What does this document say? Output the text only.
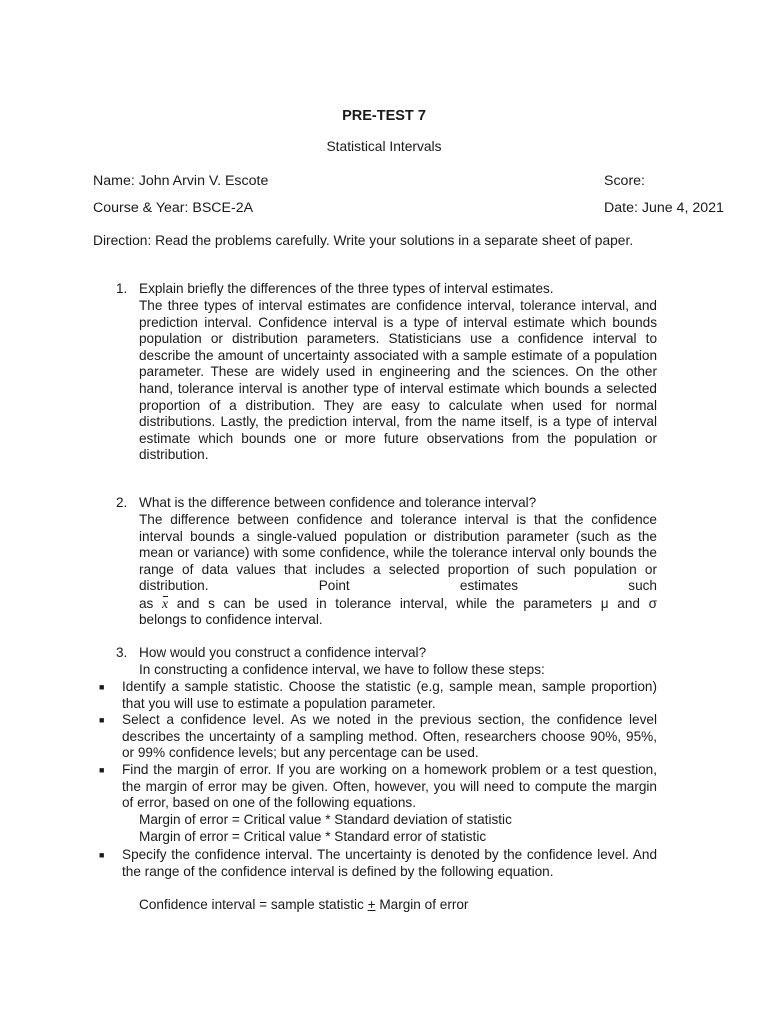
PRE-TEST 7
Statistical Intervals
Name: John Arvin V. Escote	Score:
Course & Year: BSCE-2A	Date: June 4, 2021
Direction: Read the problems carefully. Write your solutions in a separate sheet of paper.
1. Explain briefly the differences of the three types of interval estimates.
The three types of interval estimates are confidence interval, tolerance interval, and prediction interval. Confidence interval is a type of interval estimate which bounds population or distribution parameters. Statisticians use a confidence interval to describe the amount of uncertainty associated with a sample estimate of a population parameter. These are widely used in engineering and the sciences. On the other hand, tolerance interval is another type of interval estimate which bounds a selected proportion of a distribution. They are easy to calculate when used for normal distributions. Lastly, the prediction interval, from the name itself, is a type of interval estimate which bounds one or more future observations from the population or distribution.
2. What is the difference between confidence and tolerance interval?
The difference between confidence and tolerance interval is that the confidence interval bounds a single-valued population or distribution parameter (such as the mean or variance) with some confidence, while the tolerance interval only bounds the range of data values that includes a selected proportion of such population or distribution. Point estimates such
as x and s can be used in tolerance interval, while the parameters μ and σ
belongs to confidence interval.
3. How would you construct a confidence interval?
In constructing a confidence interval, we have to follow these steps:
■ Identify a sample statistic. Choose the statistic (e.g, sample mean, sample proportion) that you will use to estimate a population parameter.
■ Select a confidence level. As we noted in the previous section, the confidence level describes the uncertainty of a sampling method. Often, researchers choose 90%, 95%, or 99% confidence levels; but any percentage can be used.
■ Find the margin of error. If you are working on a homework problem or a test question, the margin of error may be given. Often, however, you will need to compute the margin of error, based on one of the following equations.
Margin of error = Critical value * Standard deviation of statistic
Margin of error = Critical value * Standard error of statistic
■ Specify the confidence interval. The uncertainty is denoted by the confidence level. And the range of the confidence interval is defined by the following equation.
Confidence interval = sample statistic + Margin of error
